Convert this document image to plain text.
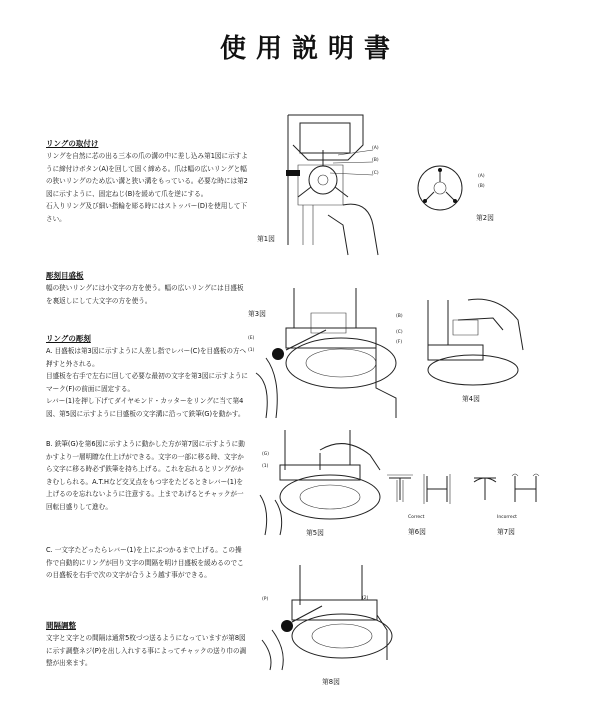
使用説明書
リングの取付け
リングを自然に芯の出る三本の爪の溝の中に差し込み第1図に示すように締付けボタン(A)を回して固く締める。爪は幅の広いリングと幅の狭いリングのため広い溝と狭い溝をもっている。必要な時には第2図に示すように、固定ねじ(B)を緩めて爪を逆にする。
石入りリング及び細い指輪を彫る時にはストッパー(D)を使用して下さい。
彫刻目盛板
幅の狭いリングには小文字の方を使う。幅の広いリングには目盛板を裏返しにして大文字の方を使う。
リングの彫刻
A. 目盛板は第3図に示すように人差し指でレバー(C)を目盛板の方へ押すと外される。
目盛板を右手で左右に回して必要な最初の文字を第3図に示すようにマーク(F)の前面に固定する。
レバー(1)を押し下げてダイヤモンド・カッターをリングに当て第4図、第5図に示すように目盛板の文字溝に沿って鉄筆(G)を動かす。
B. 鉄筆(G)を第6図に示すように動かした方が第7図に示すように動かすより一層明瞭な仕上げができる。文字の一部に移る時、文字から文字に移る時必ず鉄筆を持ち上げる。これを忘れるとリングがかきむしられる。A.T.Hなど交叉点をもつ字をたどるときレバー(1)を上げるのを忘れないように注意する。上まであげるとチャックが一回転目盛りして進む。
C. 一文字たどったらレバー(1)を上にぶつかるまで上げる。この操作で自動的にリングが回り文字の間隔を明け目盛板を緩めるのでこの目盛板を右手で次の文字が合うよう越す事ができる。
間隔調整
文字と文字との間隔は通常5枚づつ送るようになっていますが第8図に示す調整ネジ(P)を出し入れする事によってチャックの送り巾の調整が出来ます。
(A)
(B)
(C)
第1図
(A)
(B)
第2図
第3図
(E)
(1)
(B)
(C)
(F)
第4図
(G)
(1)
第5図
Correct
第6図
Incorrect
第7図
(P)	(2)
第8図
